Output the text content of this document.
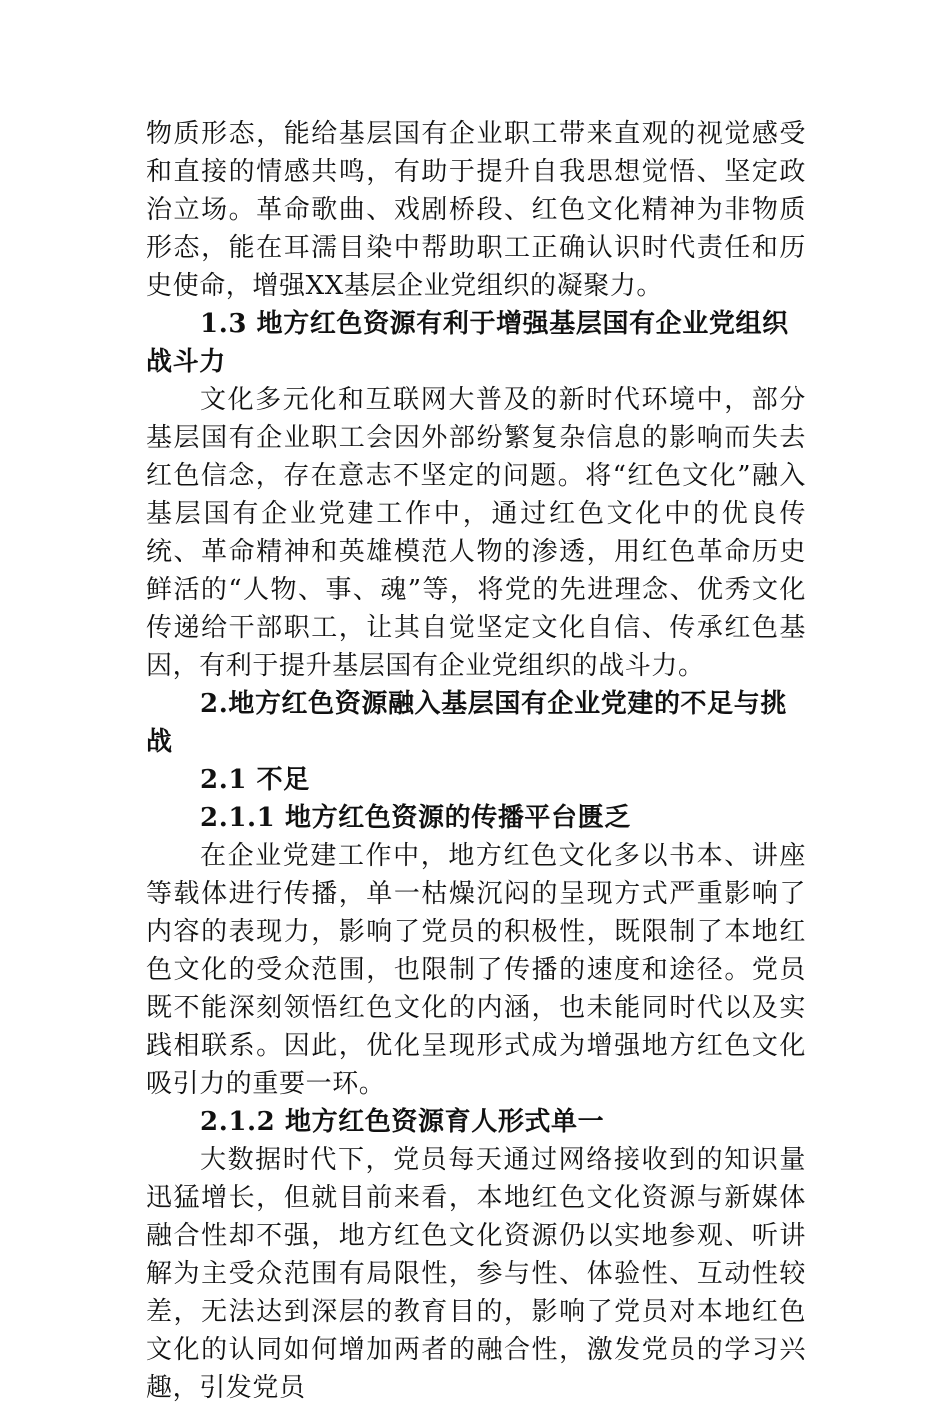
物质形态，能给基层国有企业职工带来直观的视觉感受和直接的情感共鸣，有助于提升自我思想觉悟、坚定政治立场。革命歌曲、戏剧桥段、红色文化精神为非物质形态，能在耳濡目染中帮助职工正确认识时代责任和历史使命，增强XX基层企业党组织的凝聚力。

1.3 地方红色资源有利于增强基层国有企业党组织战斗力

文化多元化和互联网大普及的新时代环境中，部分基层国有企业职工会因外部纷繁复杂信息的影响而失去红色信念，存在意志不坚定的问题。将“红色文化”融入基层国有企业党建工作中，通过红色文化中的优良传统、革命精神和英雄模范人物的渗透，用红色革命历史鲜活的“人物、事、魂”等，将党的先进理念、优秀文化传递给干部职工，让其自觉坚定文化自信、传承红色基因，有利于提升基层国有企业党组织的战斗力。

2.地方红色资源融入基层国有企业党建的不足与挑战

2.1 不足

2.1.1 地方红色资源的传播平台匮乏

在企业党建工作中，地方红色文化多以书本、讲座等载体进行传播，单一枯燥沉闷的呈现方式严重影响了内容的表现力，影响了党员的积极性，既限制了本地红色文化的受众范围，也限制了传播的速度和途径。党员既不能深刻领悟红色文化的内涵，也未能同时代以及实践相联系。因此，优化呈现形式成为增强地方红色文化吸引力的重要一环。

2.1.2 地方红色资源育人形式单一

大数据时代下，党员每天通过网络接收到的知识量迅猛增长，但就目前来看，本地红色文化资源与新媒体融合性却不强，地方红色文化资源仍以实地参观、听讲解为主受众范围有局限性，参与性、体验性、互动性较差，无法达到深层的教育目的，影响了党员对本地红色文化的认同如何增加两者的融合性，激发党员的学习兴趣，引发党员
